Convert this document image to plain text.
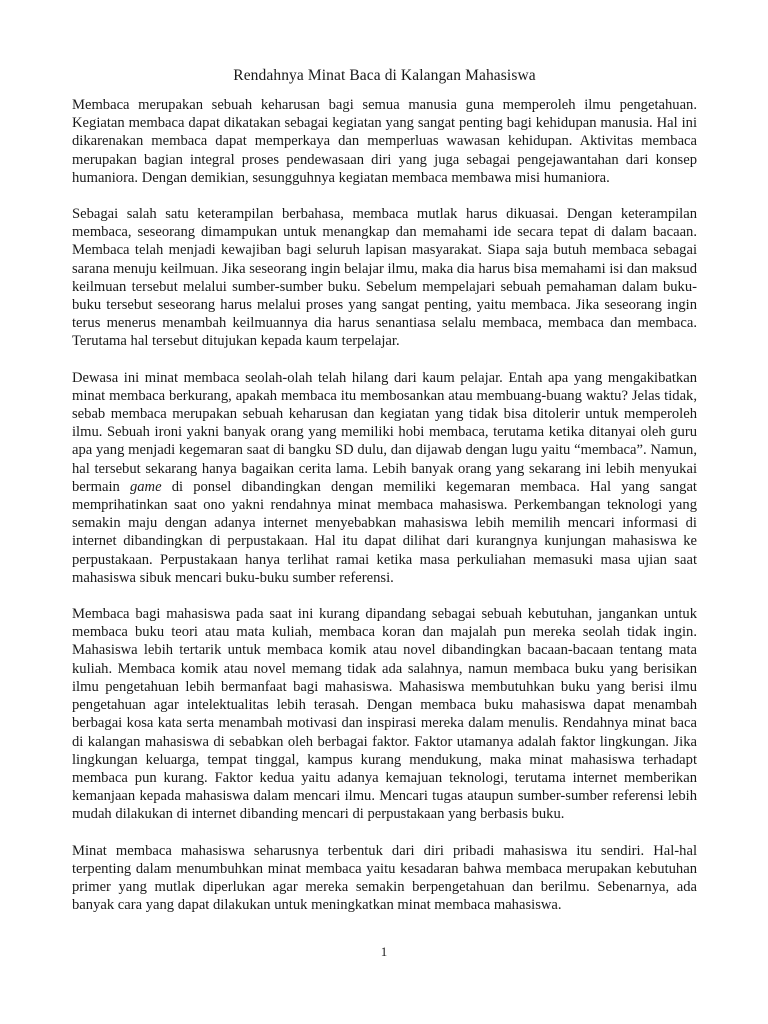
Rendahnya Minat Baca di Kalangan Mahasiswa

Membaca merupakan sebuah keharusan bagi semua manusia guna memperoleh ilmu pengetahuan. Kegiatan membaca dapat dikatakan sebagai kegiatan yang sangat penting bagi kehidupan manusia. Hal ini dikarenakan membaca dapat memperkaya dan memperluas wawasan kehidupan. Aktivitas membaca merupakan bagian integral proses pendewasaan diri yang juga sebagai pengejawantahan dari konsep humaniora. Dengan demikian, sesungguhnya kegiatan membaca membawa misi humaniora.

Sebagai salah satu keterampilan berbahasa, membaca mutlak harus dikuasai. Dengan keterampilan membaca, seseorang dimampukan untuk menangkap dan memahami ide secara tepat di dalam bacaan. Membaca telah menjadi kewajiban bagi seluruh lapisan masyarakat. Siapa saja butuh membaca sebagai sarana menuju keilmuan. Jika seseorang ingin belajar ilmu, maka dia harus bisa memahami isi dan maksud keilmuan tersebut melalui sumber-sumber buku. Sebelum mempelajari sebuah pemahaman dalam buku-buku tersebut seseorang harus melalui proses yang sangat penting, yaitu membaca. Jika seseorang ingin terus menerus menambah keilmuannya dia harus senantiasa selalu membaca, membaca dan membaca. Terutama hal tersebut ditujukan kepada kaum terpelajar.

Dewasa ini minat membaca seolah-olah telah hilang dari kaum pelajar. Entah apa yang mengakibatkan minat membaca berkurang, apakah membaca itu membosankan atau membuang-buang waktu? Jelas tidak, sebab membaca merupakan sebuah keharusan dan kegiatan yang tidak bisa ditolerir untuk memperoleh ilmu. Sebuah ironi yakni banyak orang yang memiliki hobi membaca, terutama ketika ditanyai oleh guru apa yang menjadi kegemaran saat di bangku SD dulu, dan dijawab dengan lugu yaitu “membaca”. Namun, hal tersebut sekarang hanya bagaikan cerita lama. Lebih banyak orang yang sekarang ini lebih menyukai bermain game di ponsel dibandingkan dengan memiliki kegemaran membaca. Hal yang sangat memprihatinkan saat ono yakni rendahnya minat membaca mahasiswa. Perkembangan teknologi yang semakin maju dengan adanya internet menyebabkan mahasiswa lebih memilih mencari informasi di internet dibandingkan di perpustakaan. Hal itu dapat dilihat dari kurangnya kunjungan mahasiswa ke perpustakaan. Perpustakaan hanya terlihat ramai ketika masa perkuliahan memasuki masa ujian saat mahasiswa sibuk mencari buku-buku sumber referensi.

Membaca bagi mahasiswa pada saat ini kurang dipandang sebagai sebuah kebutuhan, jangankan untuk membaca buku teori atau mata kuliah, membaca koran dan majalah pun mereka seolah tidak ingin. Mahasiswa lebih tertarik untuk membaca komik atau novel dibandingkan bacaan-bacaan tentang mata kuliah. Membaca komik atau novel memang tidak ada salahnya, namun membaca buku yang berisikan ilmu pengetahuan lebih bermanfaat bagi mahasiswa. Mahasiswa membutuhkan buku yang berisi ilmu pengetahuan agar intelektualitas lebih terasah. Dengan membaca buku mahasiswa dapat menambah berbagai kosa kata serta menambah motivasi dan inspirasi mereka dalam menulis. Rendahnya minat baca di kalangan mahasiswa di sebabkan oleh berbagai faktor. Faktor utamanya adalah faktor lingkungan. Jika lingkungan keluarga, tempat tinggal, kampus kurang mendukung, maka minat mahasiswa terhadapt membaca pun kurang. Faktor kedua yaitu adanya kemajuan teknologi, terutama internet memberikan kemanjaan kepada mahasiswa dalam mencari ilmu. Mencari tugas ataupun sumber-sumber referensi lebih mudah dilakukan di internet dibanding mencari di perpustakaan yang berbasis buku.

Minat membaca mahasiswa seharusnya terbentuk dari diri pribadi mahasiswa itu sendiri. Hal-hal terpenting dalam menumbuhkan minat membaca yaitu kesadaran bahwa membaca merupakan kebutuhan primer yang mutlak diperlukan agar mereka semakin berpengetahuan dan berilmu. Sebenarnya, ada banyak cara yang dapat dilakukan untuk meningkatkan minat membaca mahasiswa.

1
